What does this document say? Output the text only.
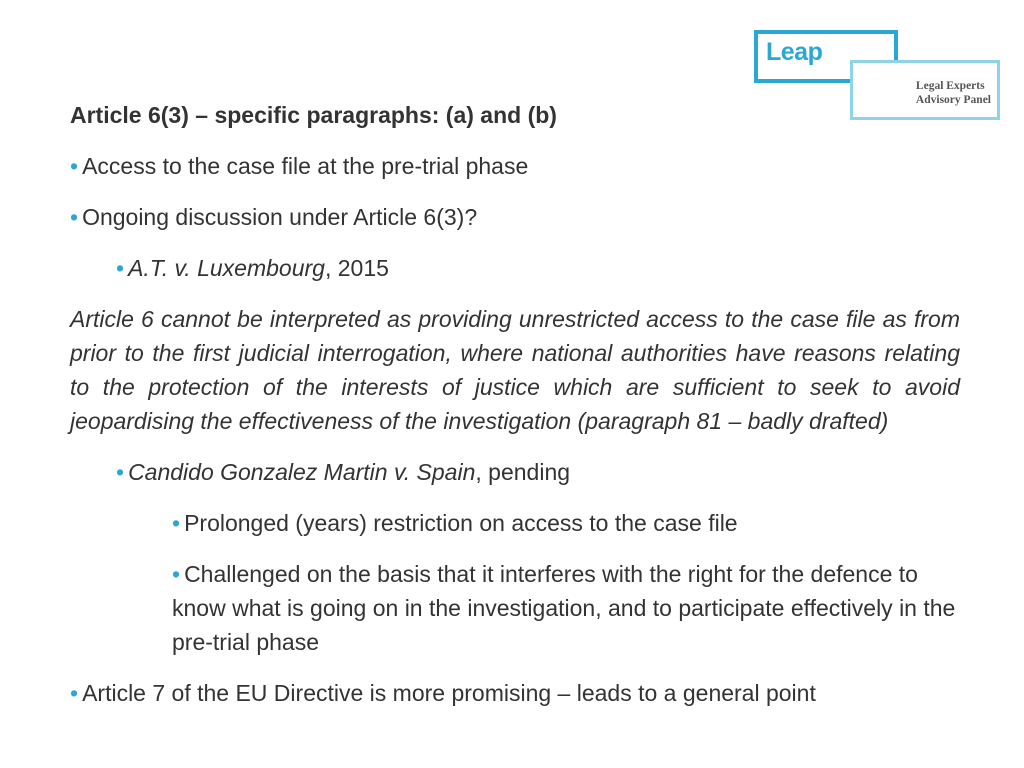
Leap
Legal Experts
Advisory Panel
Article 6(3) – specific paragraphs: (a) and (b)
• Access to the case file at the pre-trial phase
• Ongoing discussion under Article 6(3)?
• A.T. v. Luxembourg, 2015
Article 6 cannot be interpreted as providing unrestricted access to the case file as from prior to the first judicial interrogation, where national authorities have reasons relating to the protection of the interests of justice which are sufficient to seek to avoid jeopardising the effectiveness of the investigation (paragraph 81 – badly drafted)
• Candido Gonzalez Martin v. Spain, pending
• Prolonged (years) restriction on access to the case file
• Challenged on the basis that it interferes with the right for the defence to know what is going on in the investigation, and to participate effectively in the pre-trial phase
• Article 7 of the EU Directive is more promising – leads to a general point
